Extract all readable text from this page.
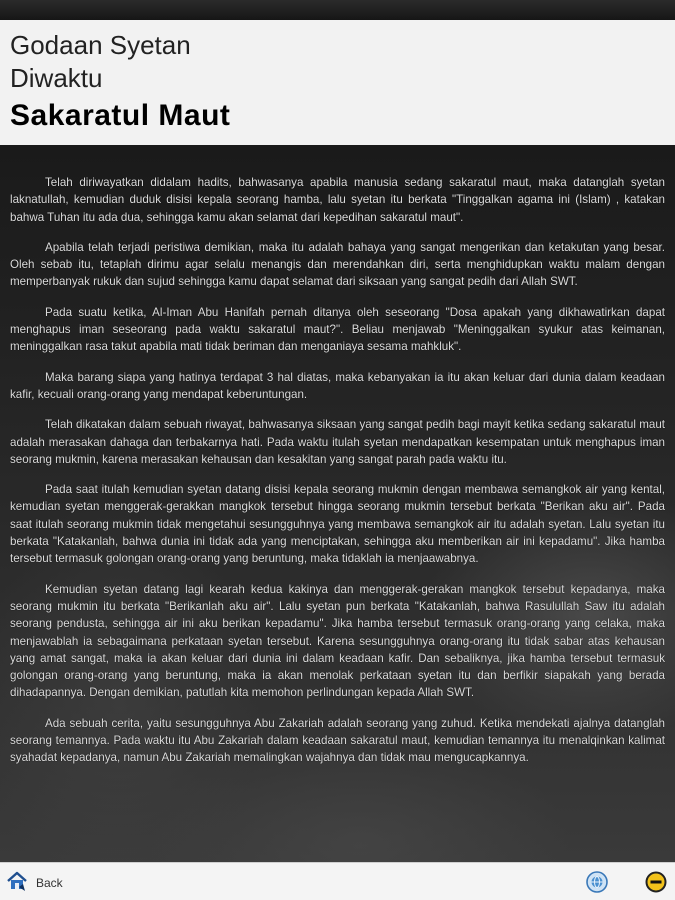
Godaan Syetan
Diwaktu
Sakaratul Maut

Telah diriwayatkan didalam hadits, bahwasanya apabila manusia sedang sakaratul maut, maka datanglah syetan laknatullah, kemudian duduk disisi kepala seorang hamba, lalu syetan itu berkata "Tinggalkan agama ini (Islam) , katakan bahwa Tuhan itu ada dua, sehingga kamu akan selamat dari kepedihan sakaratul maut".

Apabila telah terjadi peristiwa demikian, maka itu adalah bahaya yang sangat mengerikan dan ketakutan yang besar. Oleh sebab itu, tetaplah dirimu agar selalu menangis dan merendahkan diri, serta menghidupkan waktu malam dengan memperbanyak rukuk dan sujud sehingga kamu dapat selamat dari siksaan yang sangat pedih dari Allah SWT.

Pada suatu ketika, Al-Iman Abu Hanifah pernah ditanya oleh seseorang "Dosa apakah yang dikhawatirkan dapat menghapus iman seseorang pada waktu sakaratul maut?". Beliau menjawab "Meninggalkan syukur atas keimanan, meninggalkan rasa takut apabila mati tidak beriman dan menganiaya sesama mahkluk".

Maka barang siapa yang hatinya terdapat 3 hal diatas, maka kebanyakan ia itu akan keluar dari dunia dalam keadaan kafir, kecuali orang-orang yang mendapat keberuntungan.

Telah dikatakan dalam sebuah riwayat, bahwasanya siksaan yang sangat pedih bagi mayit ketika sedang sakaratul maut adalah merasakan dahaga dan terbakarnya hati. Pada waktu itulah syetan mendapatkan kesempatan untuk menghapus iman seorang mukmin, karena merasakan kehausan dan kesakitan yang sangat parah pada waktu itu.

Pada saat itulah kemudian syetan datang disisi kepala seorang mukmin dengan membawa semangkok air yang kental, kemudian syetan menggerak-gerakkan mangkok tersebut hingga seorang mukmin tersebut berkata "Berikan aku air". Pada saat itulah seorang mukmin tidak mengetahui sesungguhnya yang membawa semangkok air itu adalah syetan. Lalu syetan itu berkata "Katakanlah, bahwa dunia ini tidak ada yang menciptakan, sehingga aku memberikan air ini kepadamu". Jika hamba tersebut termasuk golongan orang-orang yang beruntung, maka tidaklah ia menjaawabnya.

Kemudian syetan datang lagi kearah kedua kakinya dan menggerak-gerakan mangkok tersebut kepadanya, maka seorang mukmin itu berkata "Berikanlah aku air". Lalu syetan pun berkata "Katakanlah, bahwa Rasulullah Saw itu adalah seorang pendusta, sehingga air ini aku berikan kepadamu". Jika hamba tersebut termasuk orang-orang yang celaka, maka menjawablah ia sebagaimana perkataan syetan tersebut. Karena sesungguhnya orang-orang itu tidak sabar atas kehausan yang amat sangat, maka ia akan keluar dari dunia ini dalam keadaan kafir. Dan sebaliknya, jika hamba tersebut termasuk golongan orang-orang yang beruntung, maka ia akan menolak perkataan syetan itu dan berfikir siapakah yang berada dihadapannya. Dengan demikian, patutlah kita memohon perlindungan kepada Allah SWT.

Ada sebuah cerita, yaitu sesungguhnya Abu Zakariah adalah seorang yang zuhud. Ketika mendekati ajalnya datanglah seorang temannya. Pada waktu itu Abu Zakariah dalam keadaan sakaratul maut, kemudian temannya itu menalqinkan kalimat syahadat kepadanya, namun Abu Zakariah memalingkan wajahnya dan tidak mau mengucapkannya.

Back
